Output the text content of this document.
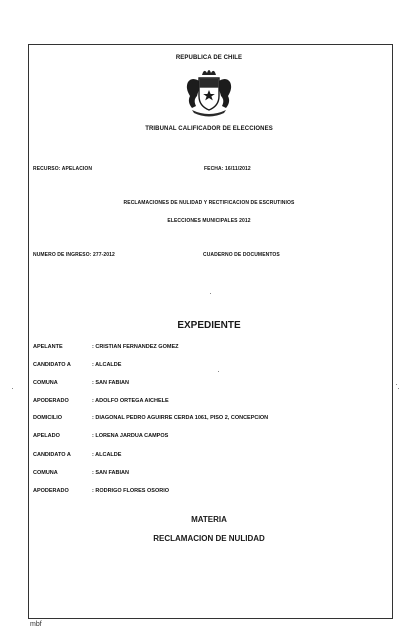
REPUBLICA DE CHILE
TRIBUNAL CALIFICADOR DE ELECCIONES
RECURSO: APELACION	FECHA: 16/11/2012
RECLAMACIONES DE NULIDAD Y RECTIFICACION DE ESCRUTINIOS
ELECCIONES MUNICIPALES 2012
NUMERO DE INGRESO: 277-2012	CUADERNO DE DOCUMENTOS
EXPEDIENTE
APELANTE	: CRISTIAN FERNANDEZ GOMEZ
CANDIDATO A	: ALCALDE
COMUNA	: SAN FABIAN
APODERADO	: ADOLFO ORTEGA AICHELE
DOMICILIO	: DIAGONAL PEDRO AGUIRRE CERDA 1061, PISO 2, CONCEPCION
APELADO	: LORENA JARDUA CAMPOS
CANDIDATO A	: ALCALDE
COMUNA	: SAN FABIAN
APODERADO	: RODRIGO FLORES OSORIO
MATERIA
RECLAMACION DE NULIDAD
mbf
